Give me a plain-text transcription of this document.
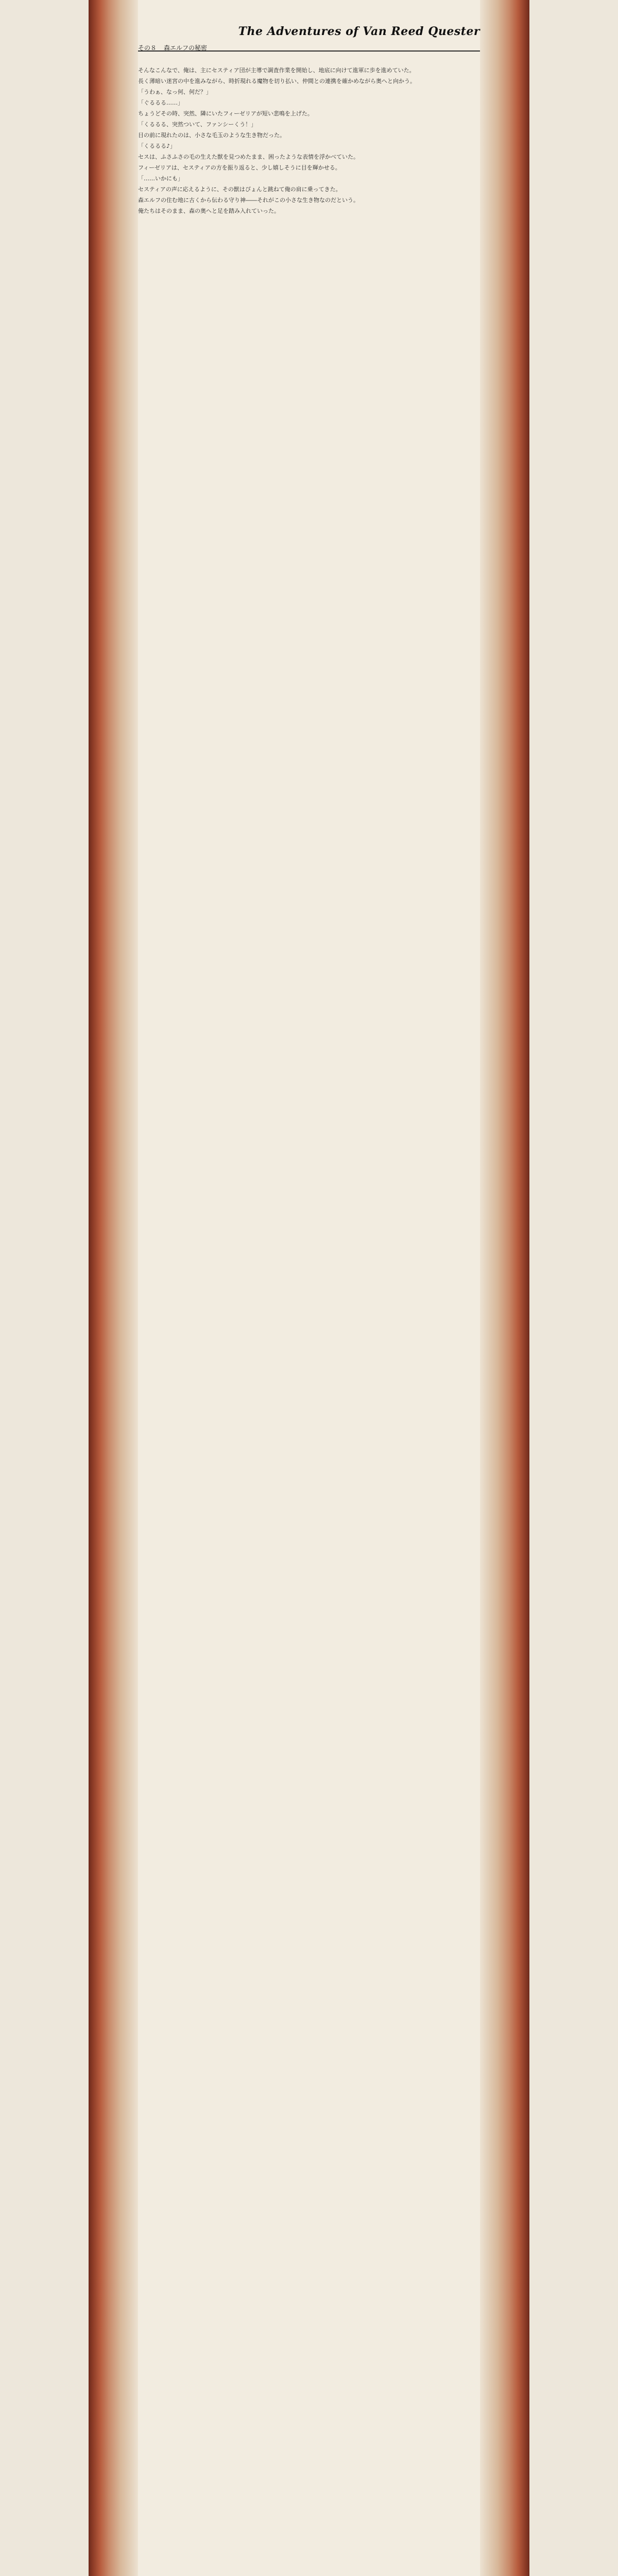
The Adventures of Van Reed Quester
その８ 森エルフの秘密

そんなこんなで、俺は、主にセスティア団が主導で調査作業を開始し、地底に向けて進軍に歩を進めていた。

長く薄暗い迷宮の中を進みながら、時折現れる魔物を切り払い、仲間との連携を確かめながら奥へと向かう。

「うわぁ、なっ何、何だ？」

「ぐるるる……」

ちょうどその時、突然、隣にいたフィーゼリアが短い悲鳴を上げた。

「くるるる、突然ついて、ファンシーくう！」

目の前に現れたのは、小さな毛玉のような生き物だった。

「くるるる♪」

セスは、ふさふさの毛の生えた獣を見つめたまま、困ったような表情を浮かべていた。

フィーゼリアは、セスティアの方を振り返ると、少し嬉しそうに目を輝かせる。

「……いかにも」

セスティアの声に応えるように、その獣はぴょんと跳ねて俺の肩に乗ってきた。

森エルフの住む地に古くから伝わる守り神――それがこの小さな生き物なのだという。

俺たちはそのまま、森の奥へと足を踏み入れていった。
